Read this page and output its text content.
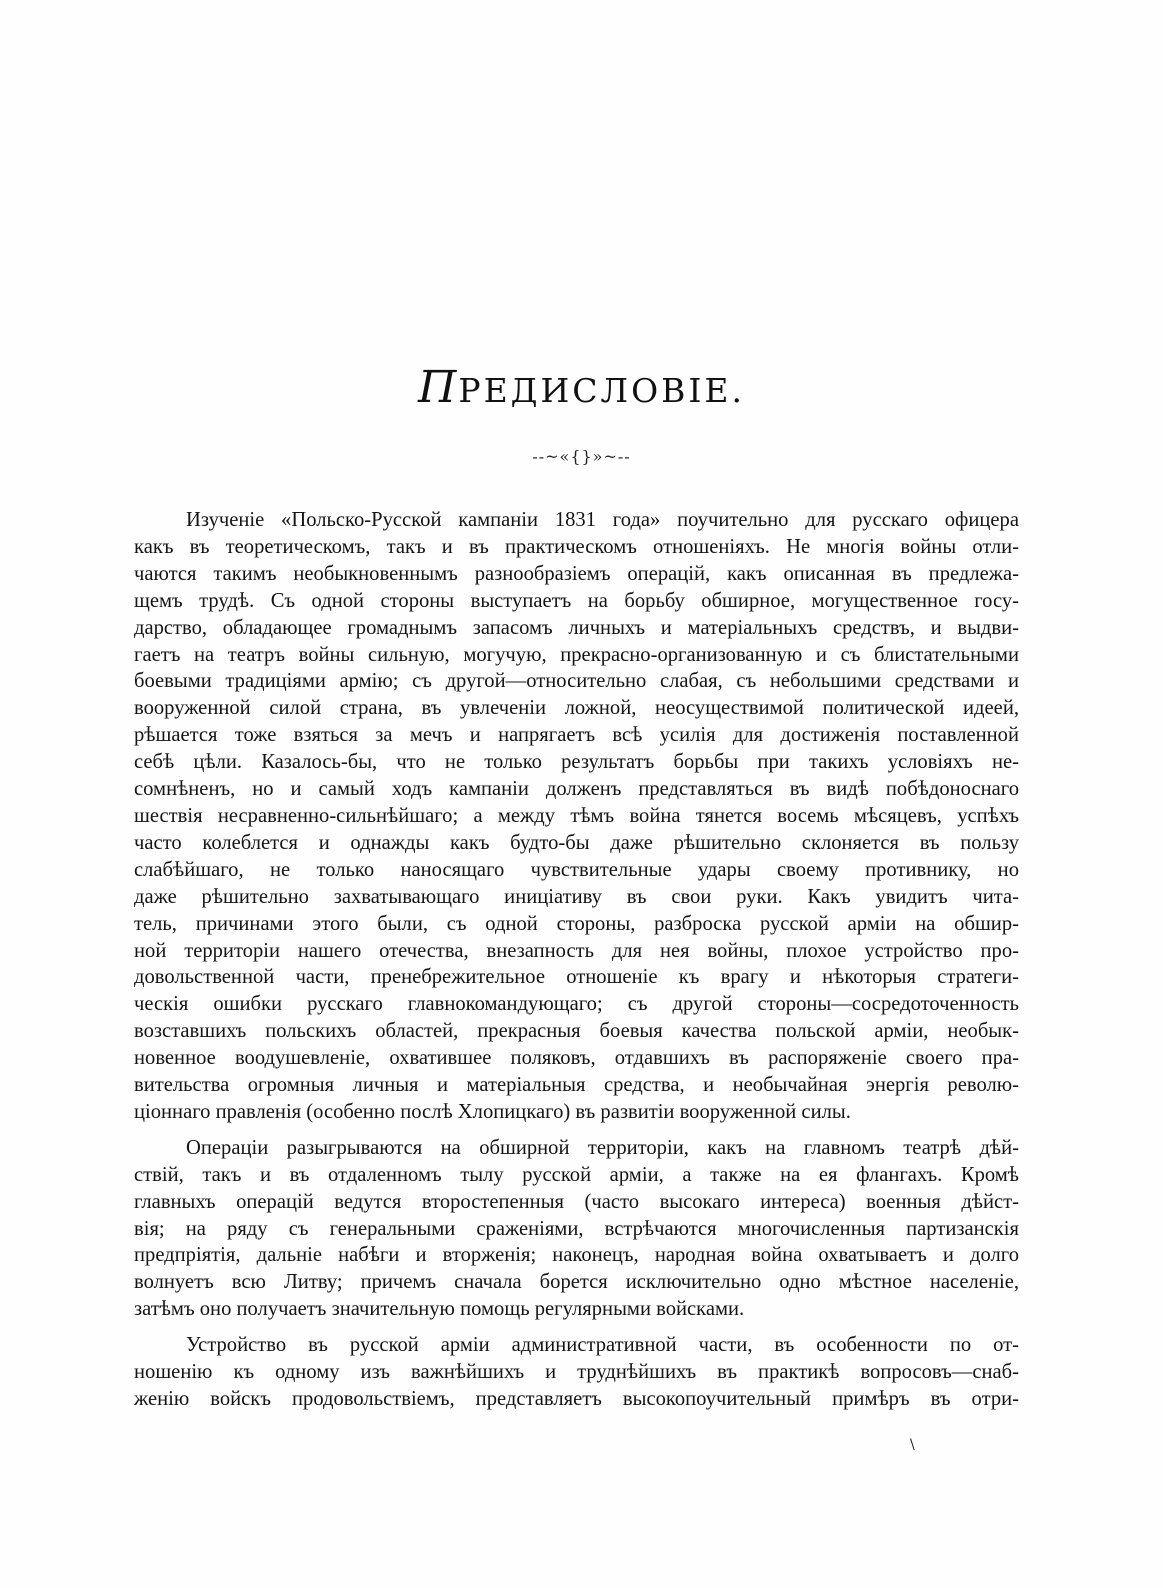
ПРЕДИСЛОВІЕ.
--~«{}»~--
Изученіе «Польско-Русской кампаніи 1831 года» поучительно для русскаго офицера
какъ въ теоретическомъ, такъ и въ практическомъ отношеніяхъ. Не многія войны отли-
чаются такимъ необыкновеннымъ разнообразіемъ операцій, какъ описанная въ предлежа-
щемъ трудѣ. Съ одной стороны выступаетъ на борьбу обширное, могущественное госу-
дарство, обладающее громаднымъ запасомъ личныхъ и матеріальныхъ средствъ, и выдви-
гаетъ на театръ войны сильную, могучую, прекрасно-организованную и съ блистательными
боевыми традиціями армію; съ другой—относительно слабая, съ небольшими средствами и
вооруженной силой страна, въ увлеченіи ложной, неосуществимой политической идеей,
рѣшается тоже взяться за мечъ и напрягаетъ всѣ усилія для достиженія поставленной
себѣ цѣли. Казалось-бы, что не только результатъ борьбы при такихъ условіяхъ не-
сомнѣненъ, но и самый ходъ кампаніи долженъ представляться въ видѣ побѣдоноснаго
шествія несравненно-сильнѣйшаго; а между тѣмъ война тянется восемь мѣсяцевъ, успѣхъ
часто колеблется и однажды какъ будто-бы даже рѣшительно склоняется въ пользу
слабѣйшаго, не только наносящаго чувствительные удары своему противнику, но
даже рѣшительно захватывающаго иниціативу въ свои руки. Какъ увидитъ чита-
тель, причинами этого были, съ одной стороны, разброска русской арміи на обшир-
ной территоріи нашего отечества, внезапность для нея войны, плохое устройство про-
довольственной части, пренебрежительное отношеніе къ врагу и нѣкоторыя стратеги-
ческія ошибки русскаго главнокомандующаго; съ другой стороны—сосредоточенность
возставшихъ польскихъ областей, прекрасныя боевыя качества польской арміи, необык-
новенное воодушевленіе, охватившее поляковъ, отдавшихъ въ распоряженіе своего пра-
вительства огромныя личныя и матеріальныя средства, и необычайная энергія револю-
ціоннаго правленія (особенно послѣ Хлопицкаго) въ развитіи вооруженной силы.
Операціи разыгрываются на обширной территоріи, какъ на главномъ театрѣ дѣй-
ствій, такъ и въ отдаленномъ тылу русской арміи, а также на ея флангахъ. Кромѣ
главныхъ операцій ведутся второстепенныя (часто высокаго интереса) военныя дѣйст-
вія; на ряду съ генеральными сраженіями, встрѣчаются многочисленныя партизанскія
предпріятія, дальніе набѣги и вторженія; наконецъ, народная война охватываетъ и долго
волнуетъ всю Литву; причемъ сначала борется исключительно одно мѣстное населеніе,
затѣмъ оно получаетъ значительную помощь регулярными войсками.
Устройство въ русской арміи административной части, въ особенности по от-
ношенію къ одному изъ важнѣйшихъ и труднѣйшихъ въ практикѣ вопросовъ—снаб-
женію войскъ продовольствіемъ, представляетъ высокопоучительный примѣръ въ отри-
\
